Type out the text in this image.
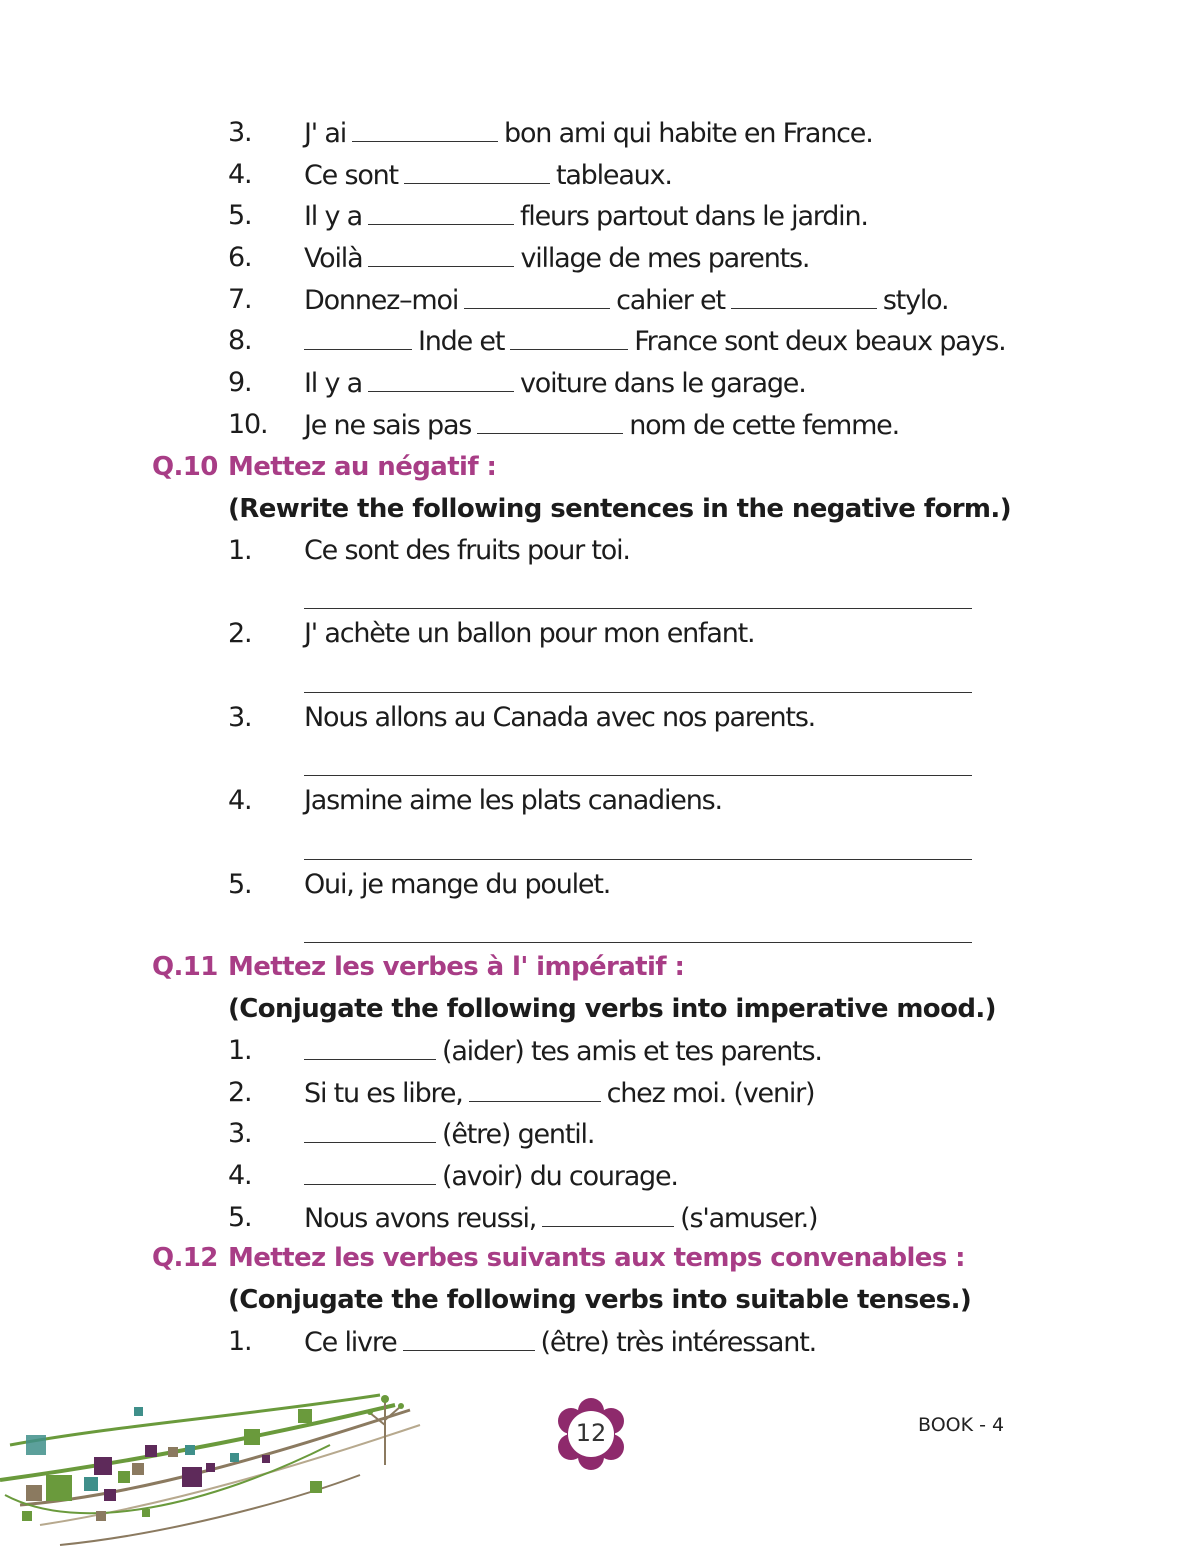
3. J' ai	bon ami qui habite en France.
4. Ce sont	tableaux.
5. Il y a	fleurs partout dans le jardin.
6. Voilà	village de mes parents.
7. Donnez–moi	cahier et	stylo.
8.	Inde et	France sont deux beaux pays.
9. Il y a	voiture dans le garage.
10. Je ne sais pas	nom de cette femme.
Q.10 Mettez au négatif :
(Rewrite the following sentences in the negative form.)
1. Ce sont des fruits pour toi.
2. J' achète un ballon pour mon enfant.
3. Nous allons au Canada avec nos parents.
4. Jasmine aime les plats canadiens.
5. Oui, je mange du poulet.
Q.11 Mettez les verbes à l' impératif :
(Conjugate the following verbs into imperative mood.)
1.	(aider) tes amis et tes parents.
2. Si tu es libre,	chez moi. (venir)
3.	(être) gentil.
4.	(avoir) du courage.
5. Nous avons reussi,	(s'amuser.)
Q.12 Mettez les verbes suivants aux temps convenables :
(Conjugate the following verbs into suitable tenses.)
1. Ce livre	(être) très intéressant.
12	BOOK - 4
